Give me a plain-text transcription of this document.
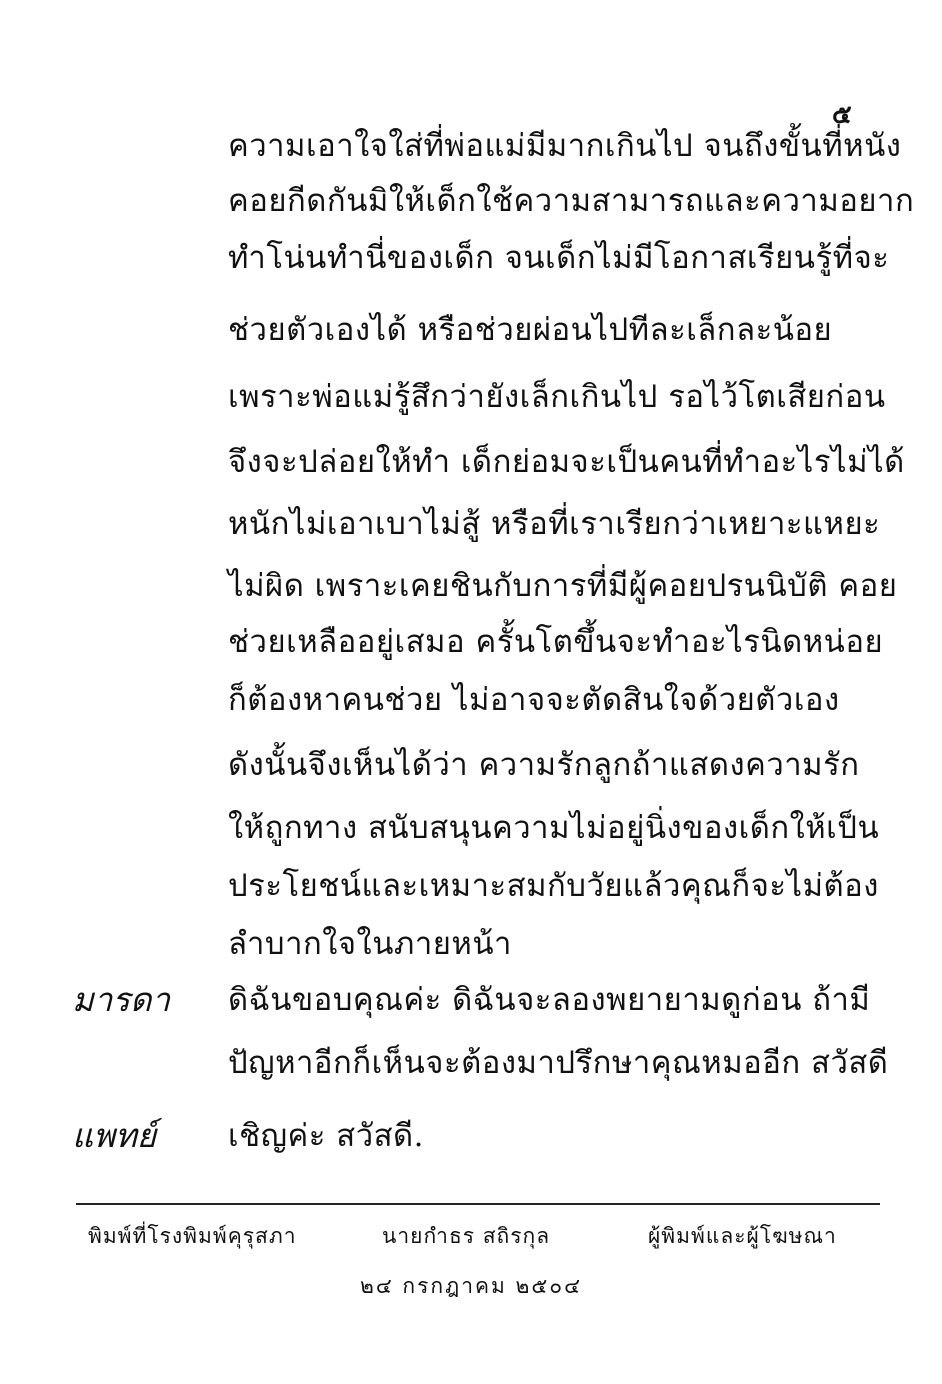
๕
ความเอาใจใส่ที่พ่อแม่มีมากเกินไป จนถึงขั้นที่หนัง
คอยกีดกันมิให้เด็กใช้ความสามารถและความอยาก
ทำโน่นทำนี่ของเด็ก จนเด็กไม่มีโอกาสเรียนรู้ที่จะ
ช่วยตัวเองได้ หรือช่วยผ่อนไปทีละเล็กละน้อย
เพราะพ่อแม่รู้สึกว่ายังเล็กเกินไป รอไว้โตเสียก่อน
จึงจะปล่อยให้ทำ เด็กย่อมจะเป็นคนที่ทำอะไรไม่ได้
หนักไม่เอาเบาไม่สู้ หรือที่เราเรียกว่าเหยาะแหยะ
ไม่ผิด เพราะเคยชินกับการที่มีผู้คอยปรนนิบัติ คอย
ช่วยเหลืออยู่เสมอ ครั้นโตขึ้นจะทำอะไรนิดหน่อย
ก็ต้องหาคนช่วย ไม่อาจจะตัดสินใจด้วยตัวเอง
ดังนั้นจึงเห็นได้ว่า ความรักลูกถ้าแสดงความรัก
ให้ถูกทาง สนับสนุนความไม่อยู่นิ่งของเด็กให้เป็น
ประโยชน์และเหมาะสมกับวัยแล้วคุณก็จะไม่ต้อง
ลำบากใจในภายหน้า
มารดา ดิฉันขอบคุณค่ะ ดิฉันจะลองพยายามดูก่อน ถ้ามี
ปัญหาอีกก็เห็นจะต้องมาปรึกษาคุณหมออีก สวัสดี
แพทย์ เชิญค่ะ สวัสดี.
พิมพ์ที่โรงพิมพ์คุรุสภา	นายกำธร สถิรกุล	ผู้พิมพ์และผู้โฆษณา
๒๔ กรกฎาคม ๒๕๐๔
